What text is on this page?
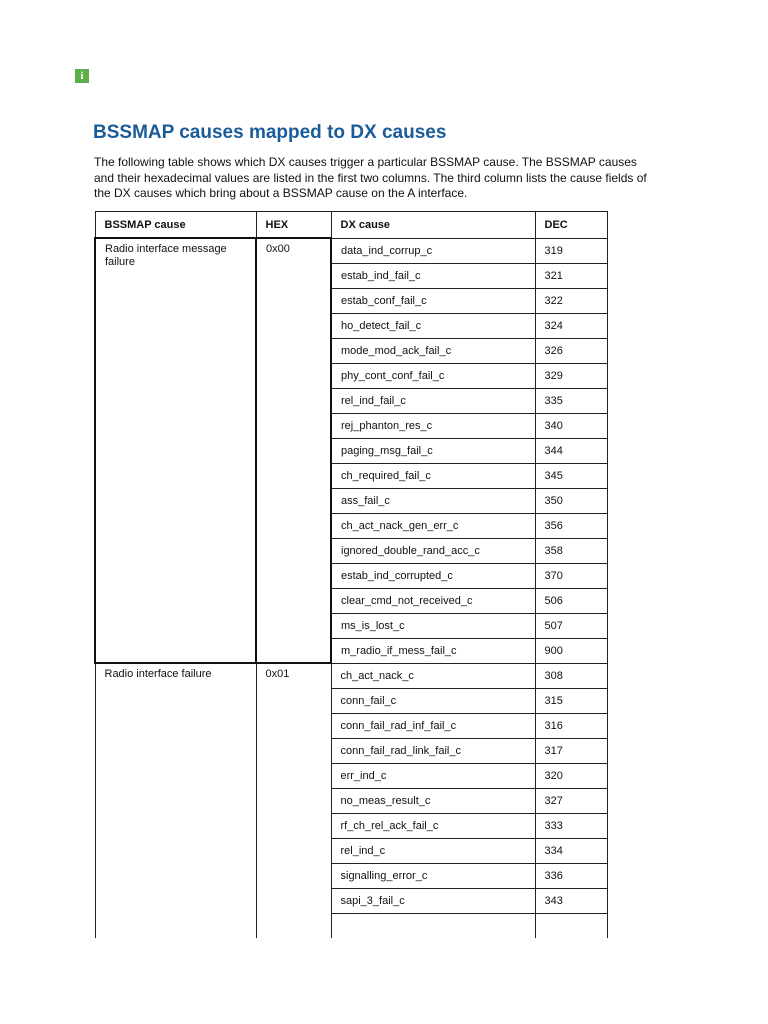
i
BSSMAP causes mapped to DX causes
The following table shows which DX causes trigger a particular BSSMAP cause. The BSSMAP causes
and their hexadecimal values are listed in the first two columns. The third column lists the cause fields of
the DX causes which bring about a BSSMAP cause on the A interface.
BSSMAP cause	HEX	DX cause	DEC
Radio interface message failure	0x00	data_ind_corrup_c	319
		estab_ind_fail_c	321
		estab_conf_fail_c	322
		ho_detect_fail_c	324
		mode_mod_ack_fail_c	326
		phy_cont_conf_fail_c	329
		rel_ind_fail_c	335
		rej_phanton_res_c	340
		paging_msg_fail_c	344
		ch_required_fail_c	345
		ass_fail_c	350
		ch_act_nack_gen_err_c	356
		ignored_double_rand_acc_c	358
		estab_ind_corrupted_c	370
		clear_cmd_not_received_c	506
		ms_is_lost_c	507
		m_radio_if_mess_fail_c	900
Radio interface failure	0x01	ch_act_nack_c	308
		conn_fail_c	315
		conn_fail_rad_inf_fail_c	316
		conn_fail_rad_link_fail_c	317
		err_ind_c	320
		no_meas_result_c	327
		rf_ch_rel_ack_fail_c	333
		rel_ind_c	334
		signalling_error_c	336
		sapi_3_fail_c	343
